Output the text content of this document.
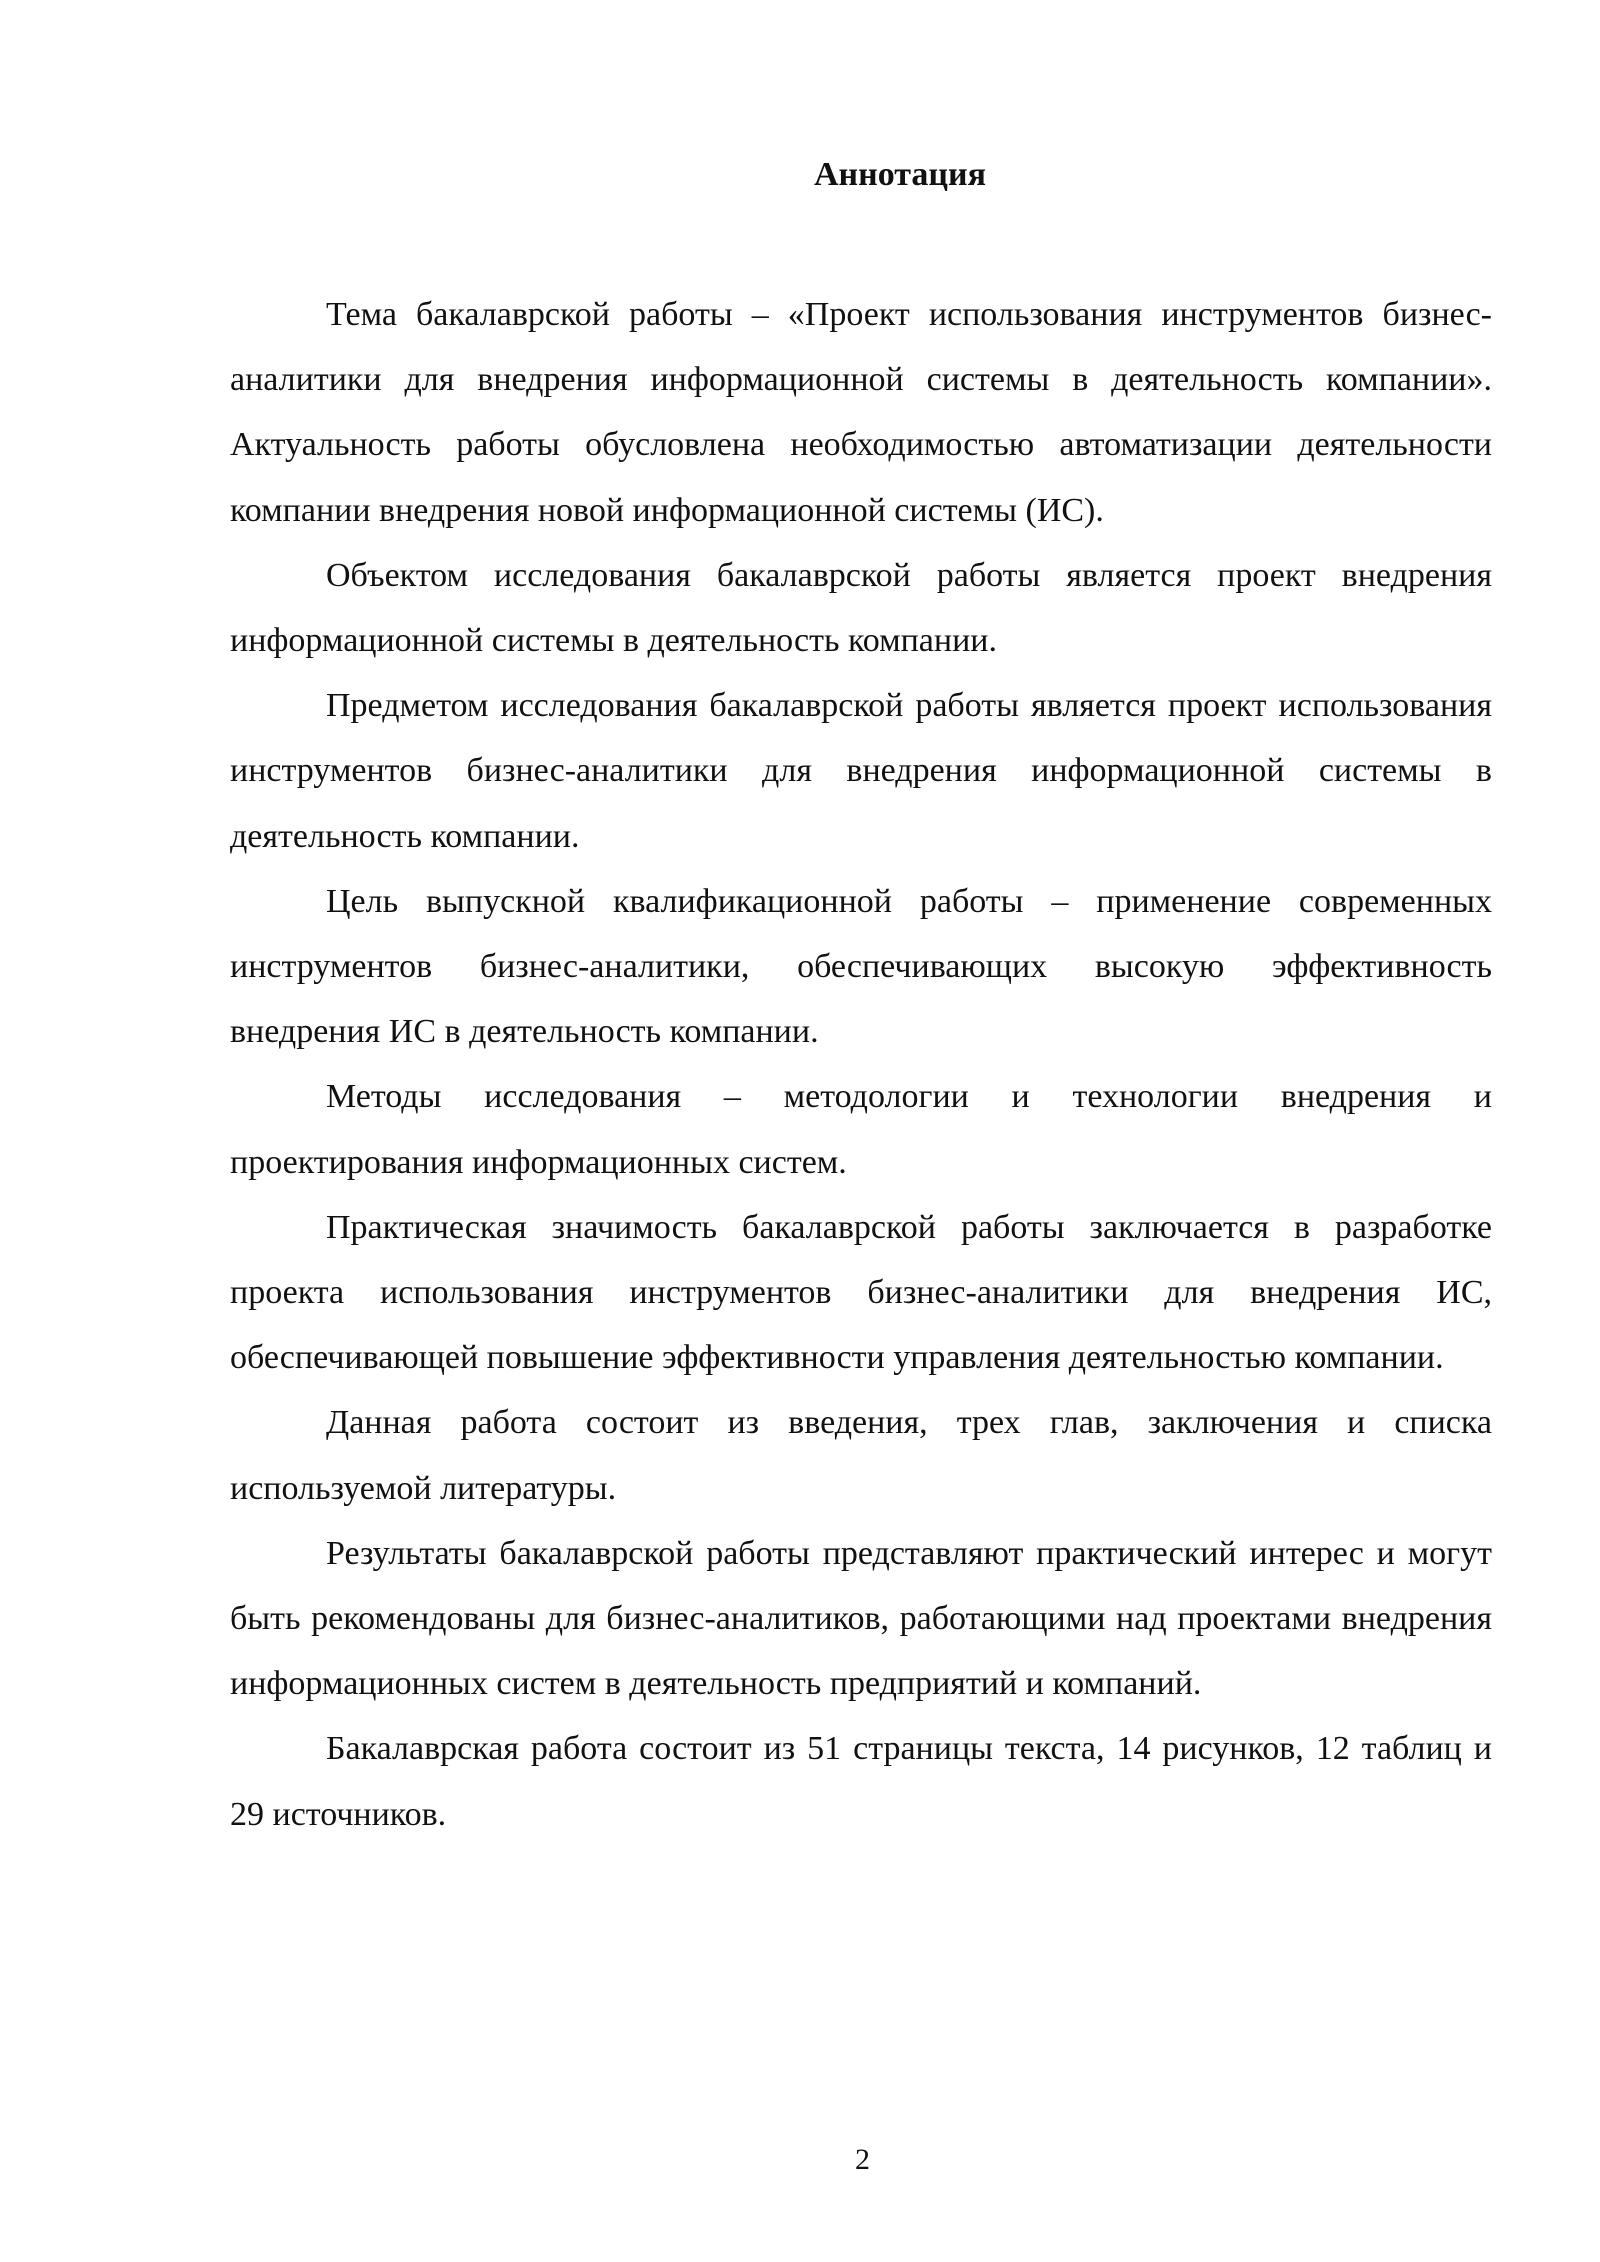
Аннотация

Тема бакалаврской работы – «Проект использования инструментов бизнес-аналитики для внедрения информационной системы в деятельность компании». Актуальность работы обусловлена необходимостью автоматизации деятельности компании внедрения новой информационной системы (ИС).

Объектом исследования бакалаврской работы является проект внедрения информационной системы в деятельность компании.

Предметом исследования бакалаврской работы является проект использования инструментов бизнес-аналитики для внедрения информационной системы в деятельность компании.

Цель выпускной квалификационной работы – применение современных инструментов бизнес-аналитики, обеспечивающих высокую эффективность внедрения ИС в деятельность компании.

Методы исследования – методологии и технологии внедрения и проектирования информационных систем.

Практическая значимость бакалаврской работы заключается в разработке проекта использования инструментов бизнес-аналитики для внедрения ИС, обеспечивающей повышение эффективности управления деятельностью компании.

Данная работа состоит из введения, трех глав, заключения и списка используемой литературы.

Результаты бакалаврской работы представляют практический интерес и могут быть рекомендованы для бизнес-аналитиков, работающими над проектами внедрения информационных систем в деятельность предприятий и компаний.

Бакалаврская работа состоит из 51 страницы текста, 14 рисунков, 12 таблиц и 29 источников.

2
